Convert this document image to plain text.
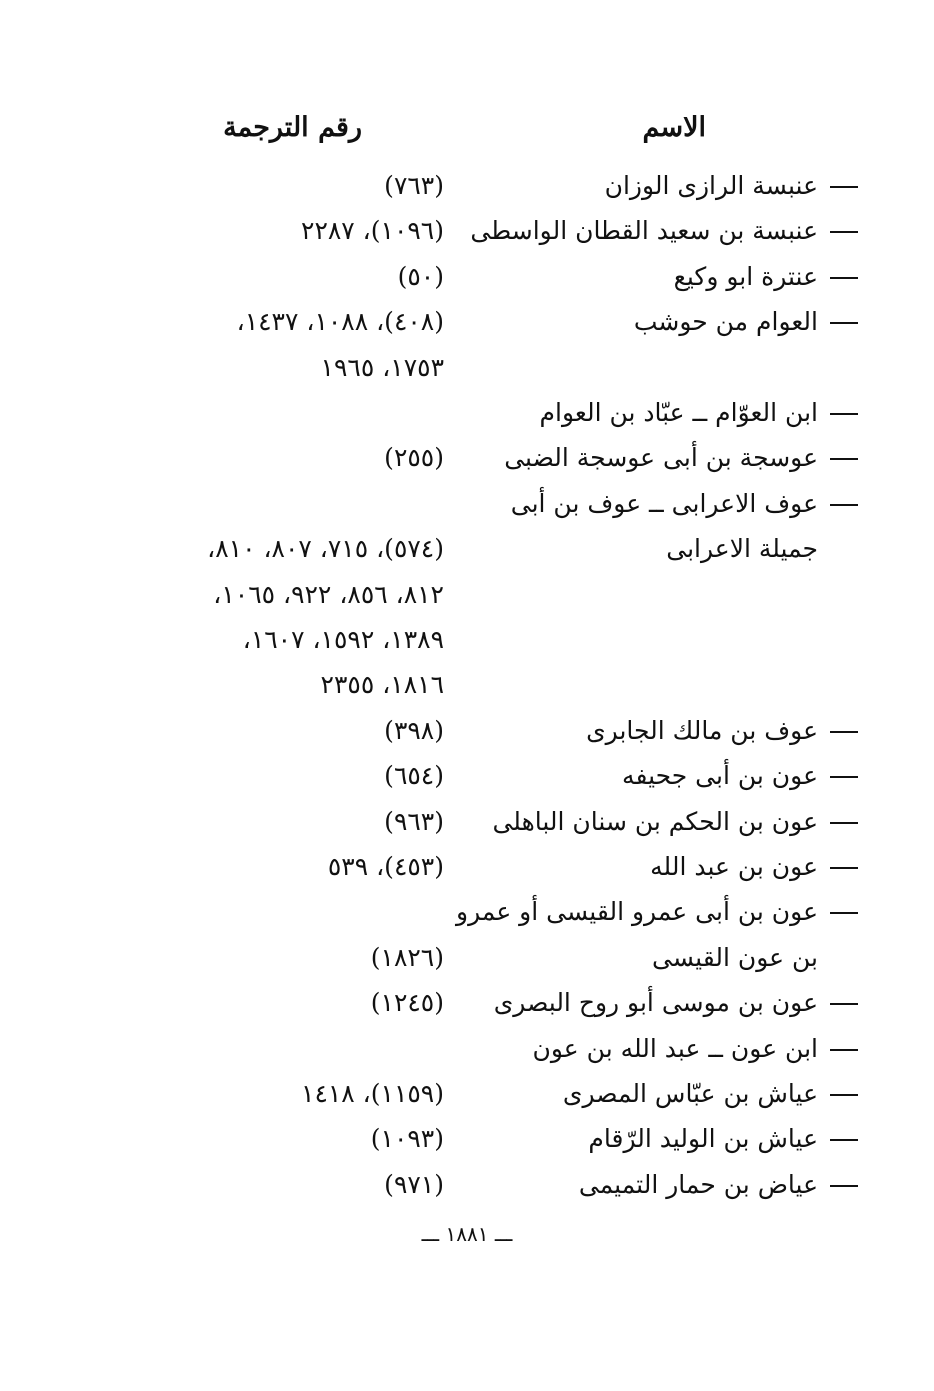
الاسم
رقم الترجمة
عنبسة الرازى الوزان
(٧٦٣)
عنبسة بن سعيد القطان الواسطى
(١٠٩٦)، ٢٢٨٧
عنترة ابو وكيع
(٥٠)
العوام من حوشب
(٤٠٨)، ١٠٨٨، ١٤٣٧،
١٧٥٣، ١٩٦٥
ابن العوّام ــ عبّاد بن العوام
عوسجة بن أبى عوسجة الضبى
(٢٥٥)
عوف الاعرابى ــ عوف بن أبى
جميلة الاعرابى
(٥٧٤)، ٧١٥، ٨٠٧، ٨١٠،
٨١٢، ٨٥٦، ٩٢٢، ١٠٦٥،
١٣٨٩، ١٥٩٢، ١٦٠٧،
١٨١٦، ٢٣٥٥
عوف بن مالك الجابرى
(٣٩٨)
عون بن أبى جحيفه
(٦٥٤)
عون بن الحكم بن سنان الباهلى
(٩٦٣)
عون بن عبد الله
(٤٥٣)، ٥٣٩
عون بن أبى عمرو القيسى أو عمرو
بن عون القيسى
(١٨٢٦)
عون بن موسى أبو روح البصرى
(١٢٤٥)
ابن عون ــ عبد الله بن عون
عياش بن عبّاس المصرى
(١١٥٩)، ١٤١٨
عياش بن الوليد الرّقام
(١٠٩٣)
عياض بن حمار التميمى
(٩٧١)
ـــ ١٨٨١ ـــ
